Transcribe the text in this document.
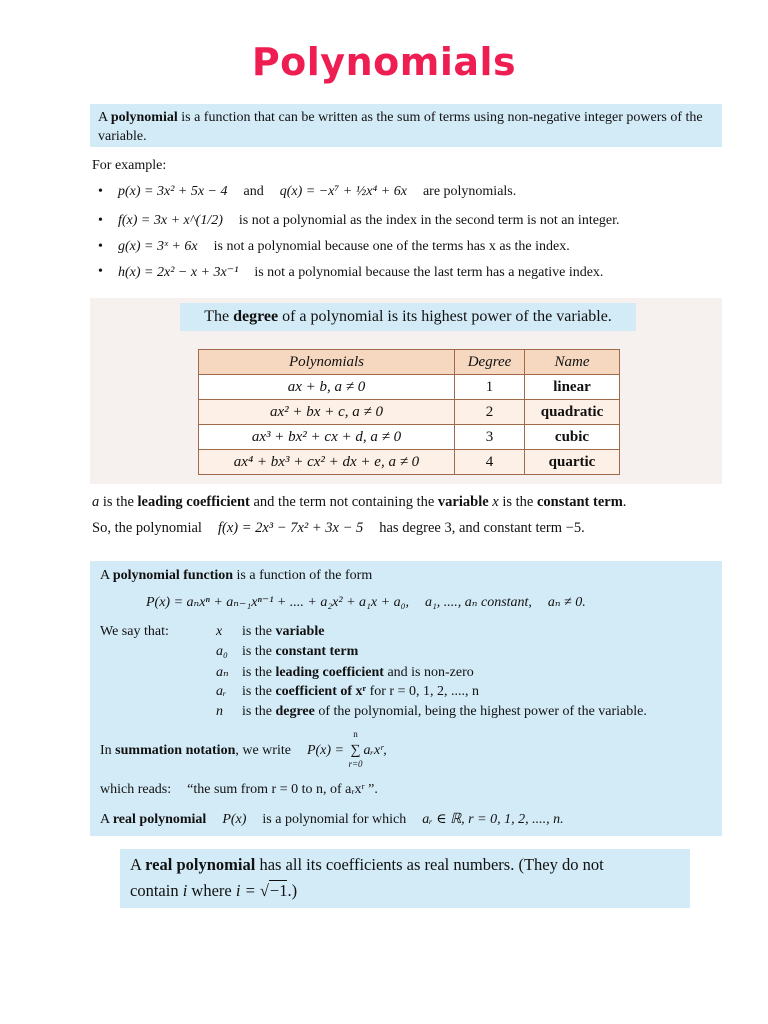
Polynomials
A polynomial is a function that can be written as the sum of terms using non-negative integer powers of the variable.
For example:
• p(x) = 3x² + 5x − 4 and q(x) = −x⁷ + ½x⁴ + 6x are polynomials.
• f(x) = 3x + x^(1/2) is not a polynomial as the index in the second term is not an integer.
• g(x) = 3ˣ + 6x is not a polynomial because one of the terms has x as the index.
• h(x) = 2x² − x + 3x⁻¹ is not a polynomial because the last term has a negative index.
The degree of a polynomial is its highest power of the variable.
Polynomials	Degree	Name
ax + b, a ≠ 0	1	linear
ax² + bx + c, a ≠ 0	2	quadratic
ax³ + bx² + cx + d, a ≠ 0	3	cubic
ax⁴ + bx³ + cx² + dx + e, a ≠ 0	4	quartic
a is the leading coefficient and the term not containing the variable x is the constant term.
So, the polynomial f(x) = 2x³ − 7x² + 3x − 5 has degree 3, and constant term −5.
A polynomial function is a function of the form
P(x) = aₙxⁿ + aₙ₋₁xⁿ⁻¹ + .... + a₂x² + a₁x + a₀, a₁, ...., aₙ constant, aₙ ≠ 0.
We say that:	x is the variable
a₀ is the constant term
aₙ is the leading coefficient and is non-zero
aᵣ is the coefficient of xʳ for r = 0, 1, 2, ...., n
n is the degree of the polynomial, being the highest power of the variable.
In summation notation, we write P(x) = ∑
n
r=0
aᵣxʳ,
which reads: “the sum from r = 0 to n, of aᵣxʳ ”.
A real polynomial P(x) is a polynomial for which aᵣ ∈ ℝ, r = 0, 1, 2, ...., n.
A real polynomial has all its coefficients as real numbers. (They do not
contain i where i = √−1.)
